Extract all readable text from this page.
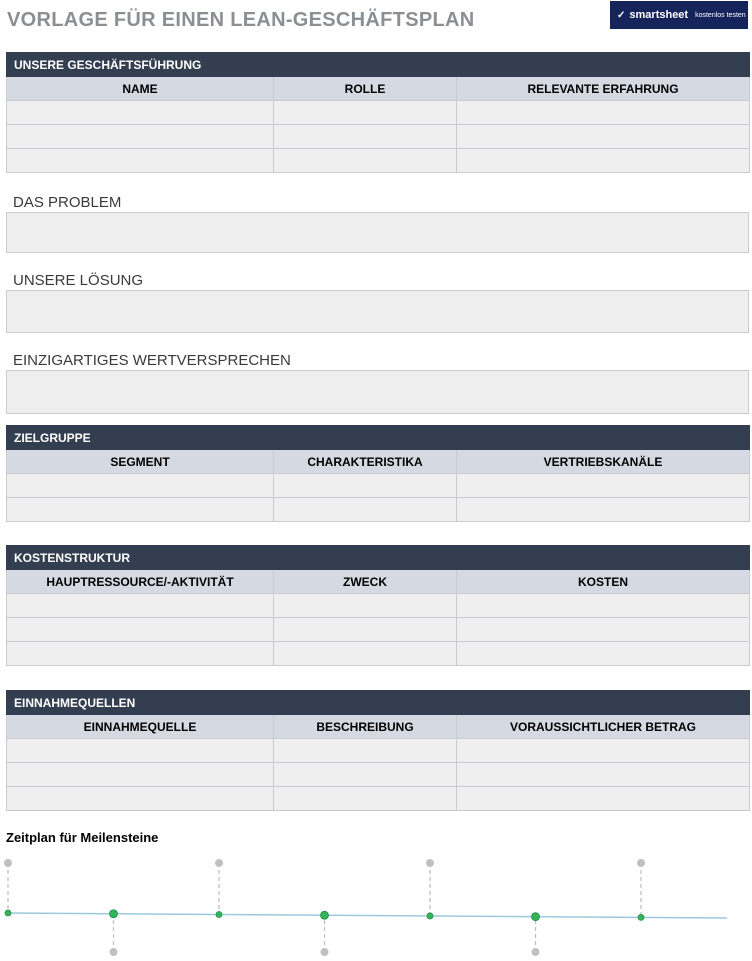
VORLAGE FÜR EINEN LEAN-GESCHÄFTSPLAN	✓ smartsheet kostenlos testen
UNSERE GESCHÄFTSFÜHRUNG		
NAME	ROLLE	RELEVANTE ERFAHRUNG

DAS PROBLEM
UNSERE LÖSUNG
EINZIGARTIGES WERTVERSPRECHEN
ZIELGRUPPE		
SEGMENT	CHARAKTERISTIKA	VERTRIEBSKANÄLE

KOSTENSTRUKTUR		
HAUPTRESSOURCE/-AKTIVITÄT	ZWECK	KOSTEN

EINNAHMEQUELLEN		
EINNAHMEQUELLE	BESCHREIBUNG	VORAUSSICHTLICHER BETRAG

Zeitplan für Meilensteine
